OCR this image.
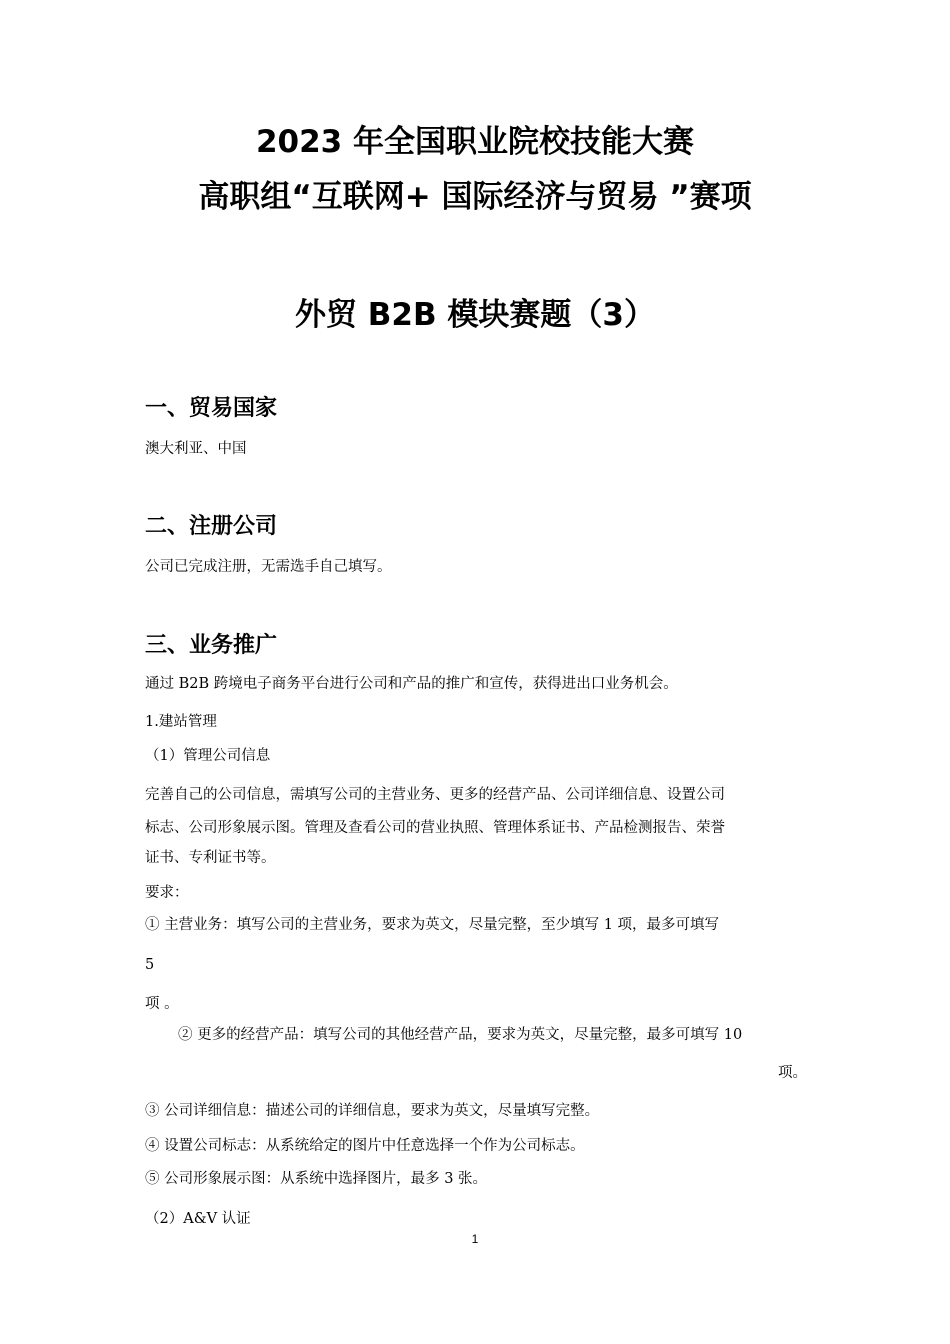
2023 年全国职业院校技能大赛
高职组“互联网+ 国际经济与贸易 ”赛项
外贸 B2B 模块赛题（3）
一、贸易国家
澳大利亚、中国
二、注册公司
公司已完成注册，无需选手自己填写。
三、业务推广
通过 B2B 跨境电子商务平台进行公司和产品的推广和宣传，获得进出口业务机会。
1.建站管理
（1）管理公司信息
完善自己的公司信息，需填写公司的主营业务、更多的经营产品、公司详细信息、设置公司
标志、公司形象展示图。管理及查看公司的营业执照、管理体系证书、产品检测报告、荣誉
证书、专利证书等。
要求：
① 主营业务：填写公司的主营业务，要求为英文，尽量完整，至少填写 1 项，最多可填写
5
项 。
② 更多的经营产品：填写公司的其他经营产品，要求为英文，尽量完整，最多可填写 10
项。
③ 公司详细信息：描述公司的详细信息，要求为英文，尽量填写完整。
④ 设置公司标志：从系统给定的图片中任意选择一个作为公司标志。
⑤ 公司形象展示图：从系统中选择图片，最多 3 张。
（2）A&V 认证
1
